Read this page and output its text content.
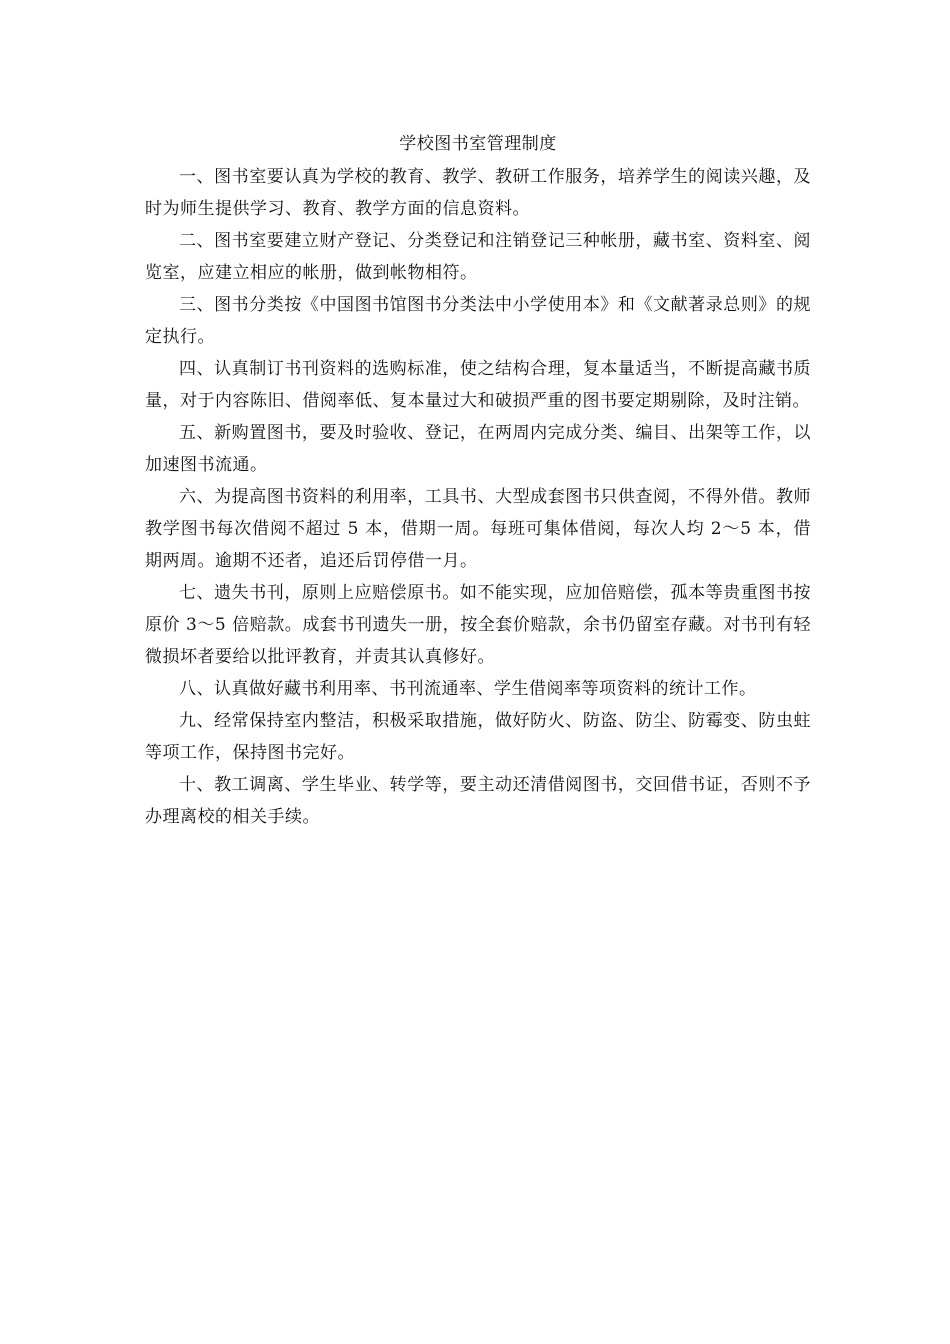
学校图书室管理制度

一、图书室要认真为学校的教育、教学、教研工作服务，培养学生的阅读兴趣，及时为师生提供学习、教育、教学方面的信息资料。

二、图书室要建立财产登记、分类登记和注销登记三种帐册，藏书室、资料室、阅览室，应建立相应的帐册，做到帐物相符。

三、图书分类按《中国图书馆图书分类法中小学使用本》和《文献著录总则》的规定执行。

四、认真制订书刊资料的选购标准，使之结构合理，复本量适当，不断提高藏书质量，对于内容陈旧、借阅率低、复本量过大和破损严重的图书要定期剔除，及时注销。

五、新购置图书，要及时验收、登记，在两周内完成分类、编目、出架等工作，以加速图书流通。

六、为提高图书资料的利用率，工具书、大型成套图书只供查阅，不得外借。教师教学图书每次借阅不超过 5 本，借期一周。每班可集体借阅，每次人均 2～5 本，借期两周。逾期不还者，追还后罚停借一月。

七、遗失书刊，原则上应赔偿原书。如不能实现，应加倍赔偿，孤本等贵重图书按原价 3～5 倍赔款。成套书刊遗失一册，按全套价赔款，余书仍留室存藏。对书刊有轻微损坏者要给以批评教育，并责其认真修好。

八、认真做好藏书利用率、书刊流通率、学生借阅率等项资料的统计工作。

九、经常保持室内整洁，积极采取措施，做好防火、防盗、防尘、防霉变、防虫蛀等项工作，保持图书完好。

十、教工调离、学生毕业、转学等，要主动还清借阅图书，交回借书证，否则不予办理离校的相关手续。
